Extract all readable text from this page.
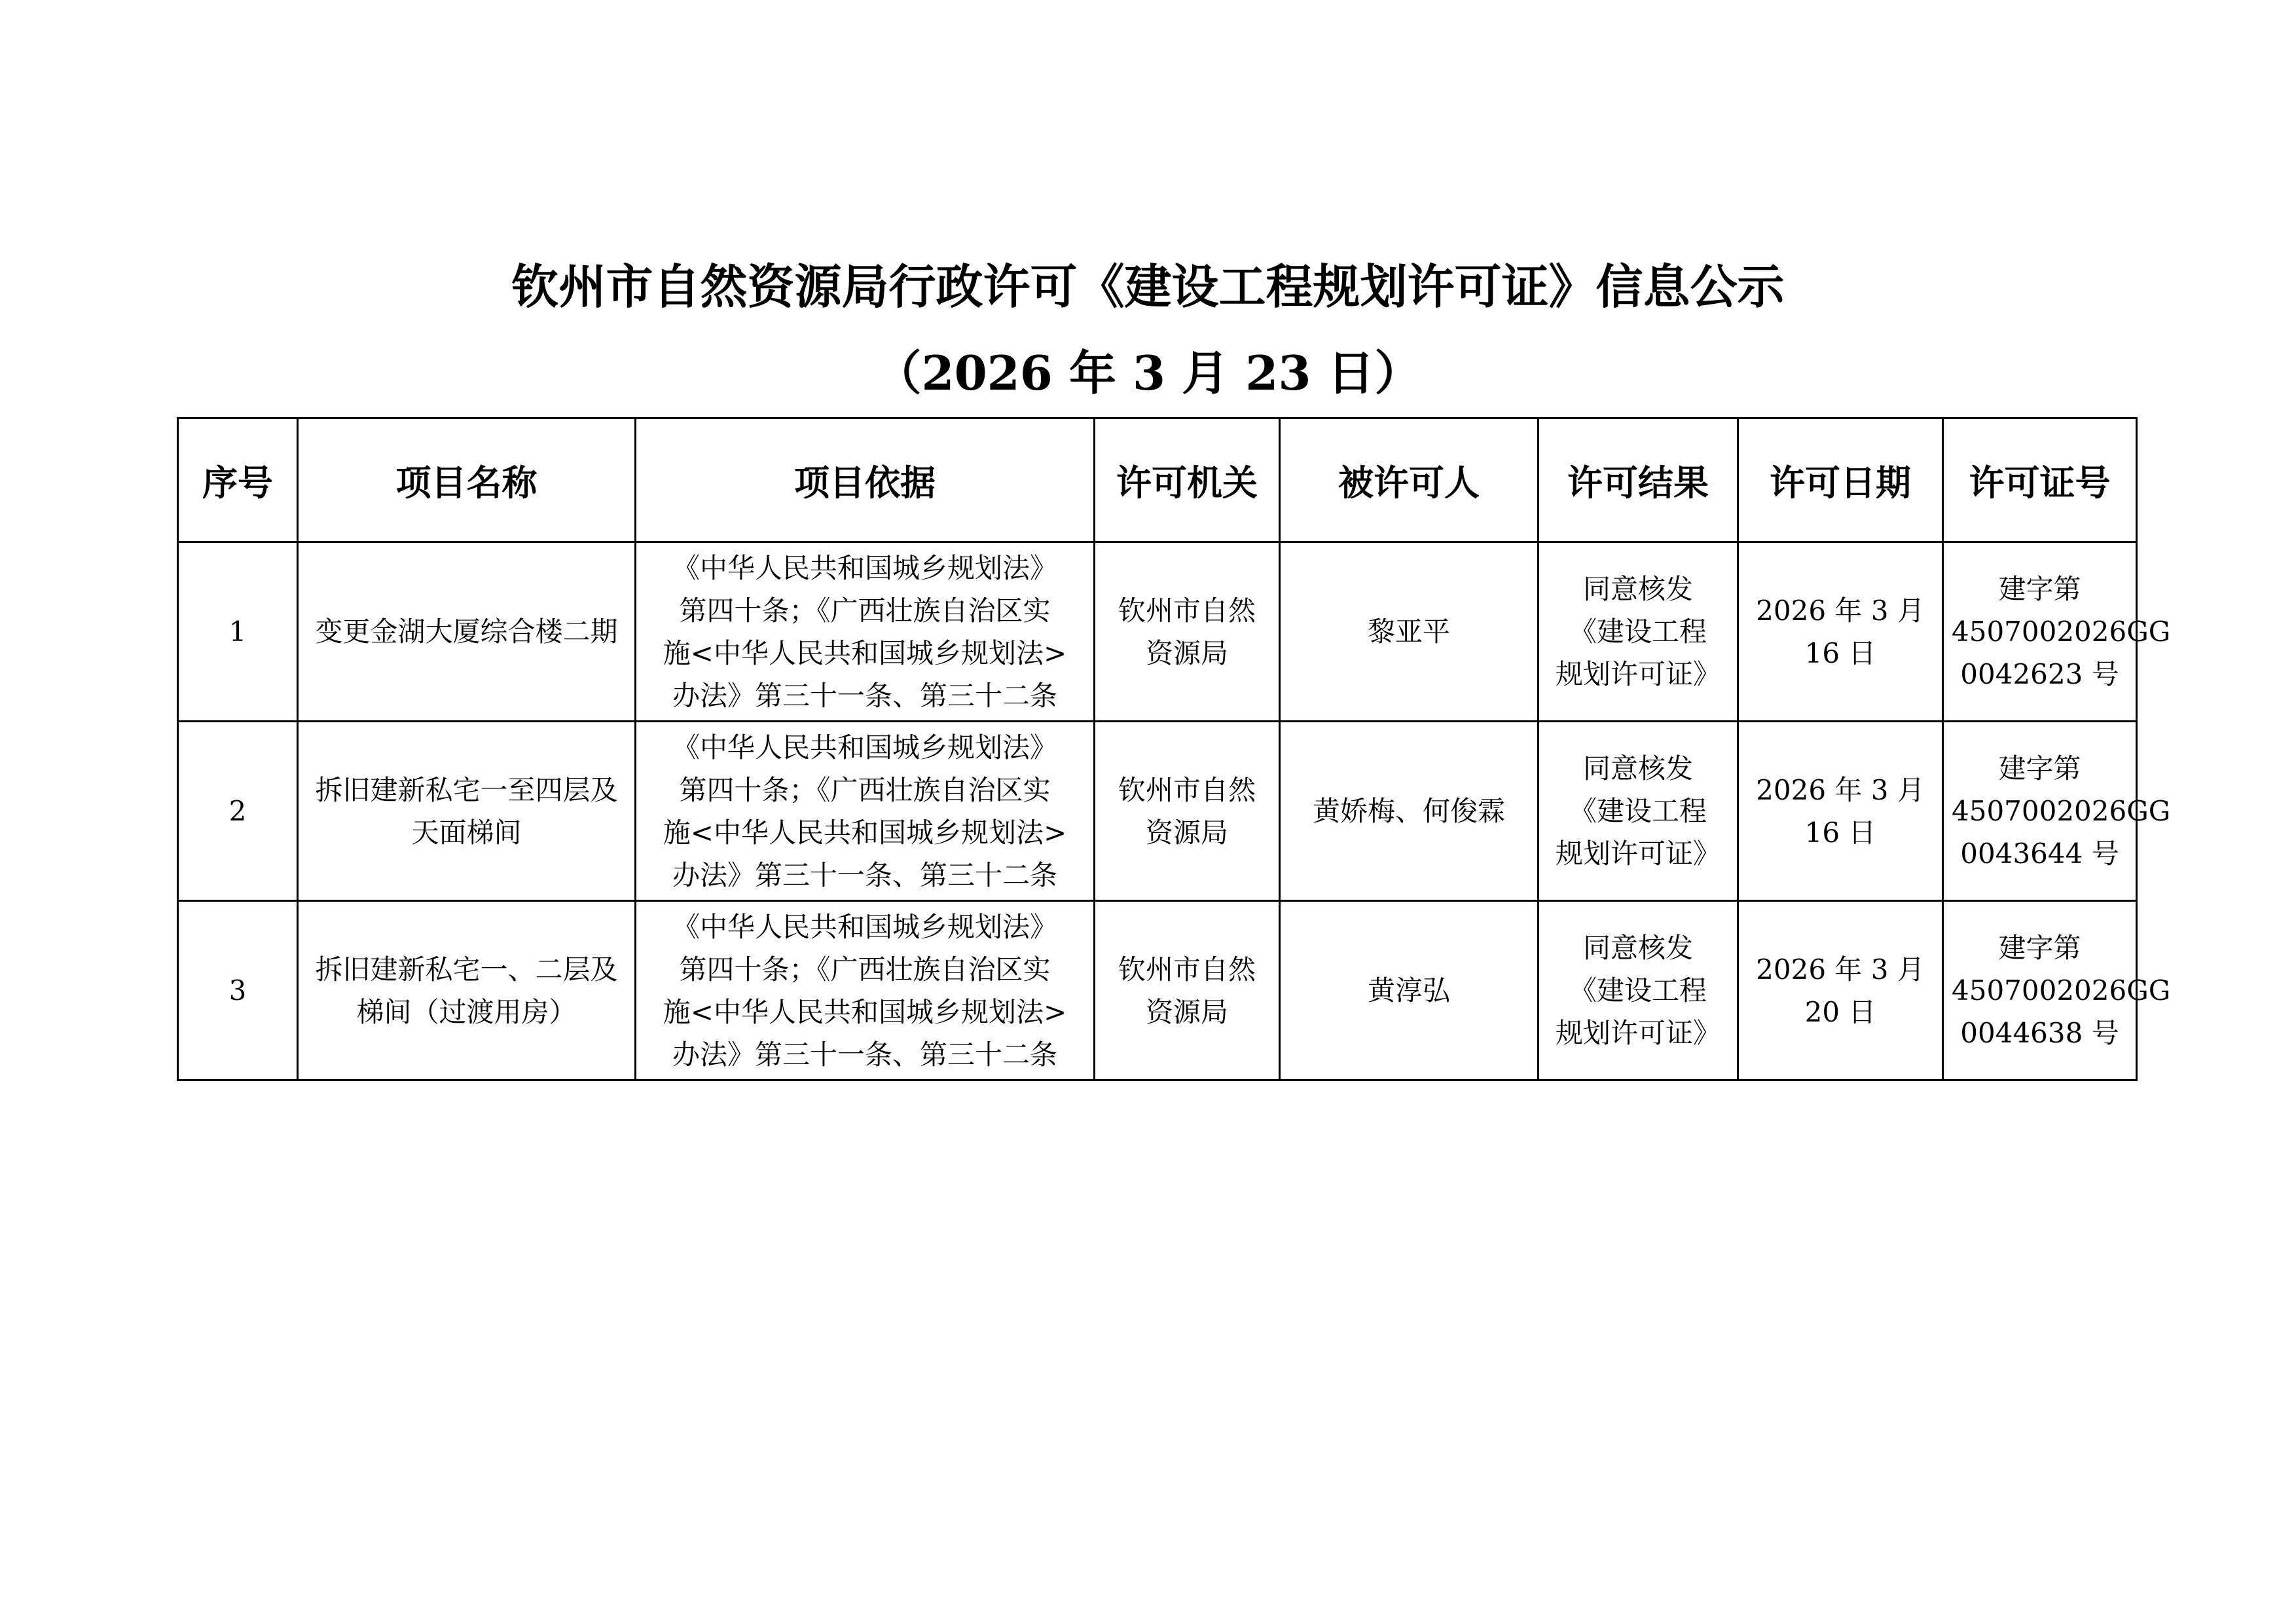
钦州市自然资源局行政许可《建设工程规划许可证》信息公示
（2026 年 3 月 23 日）
序号	项目名称	项目依据	许可机关	被许可人	许可结果	许可日期	许可证号
1	变更金湖大厦综合楼二期	《中华人民共和国城乡规划法》
第四十条；《广西壮族自治区实
施<中华人民共和国城乡规划法>
办法》第三十一条、第三十二条	钦州市自然
资源局	黎亚平	同意核发
《建设工程
规划许可证》	2026 年 3 月
16 日	建字第
4507002026GG
0042623 号
2	拆旧建新私宅一至四层及天面梯间	《中华人民共和国城乡规划法》
第四十条；《广西壮族自治区实
施<中华人民共和国城乡规划法>
办法》第三十一条、第三十二条	钦州市自然
资源局	黄娇梅、何俊霖	同意核发
《建设工程
规划许可证》	2026 年 3 月
16 日	建字第
4507002026GG
0043644 号
3	拆旧建新私宅一、二层及梯间（过渡用房）	《中华人民共和国城乡规划法》
第四十条；《广西壮族自治区实
施<中华人民共和国城乡规划法>
办法》第三十一条、第三十二条	钦州市自然
资源局	黄淳弘	同意核发
《建设工程
规划许可证》	2026 年 3 月
20 日	建字第
4507002026GG
0044638 号
